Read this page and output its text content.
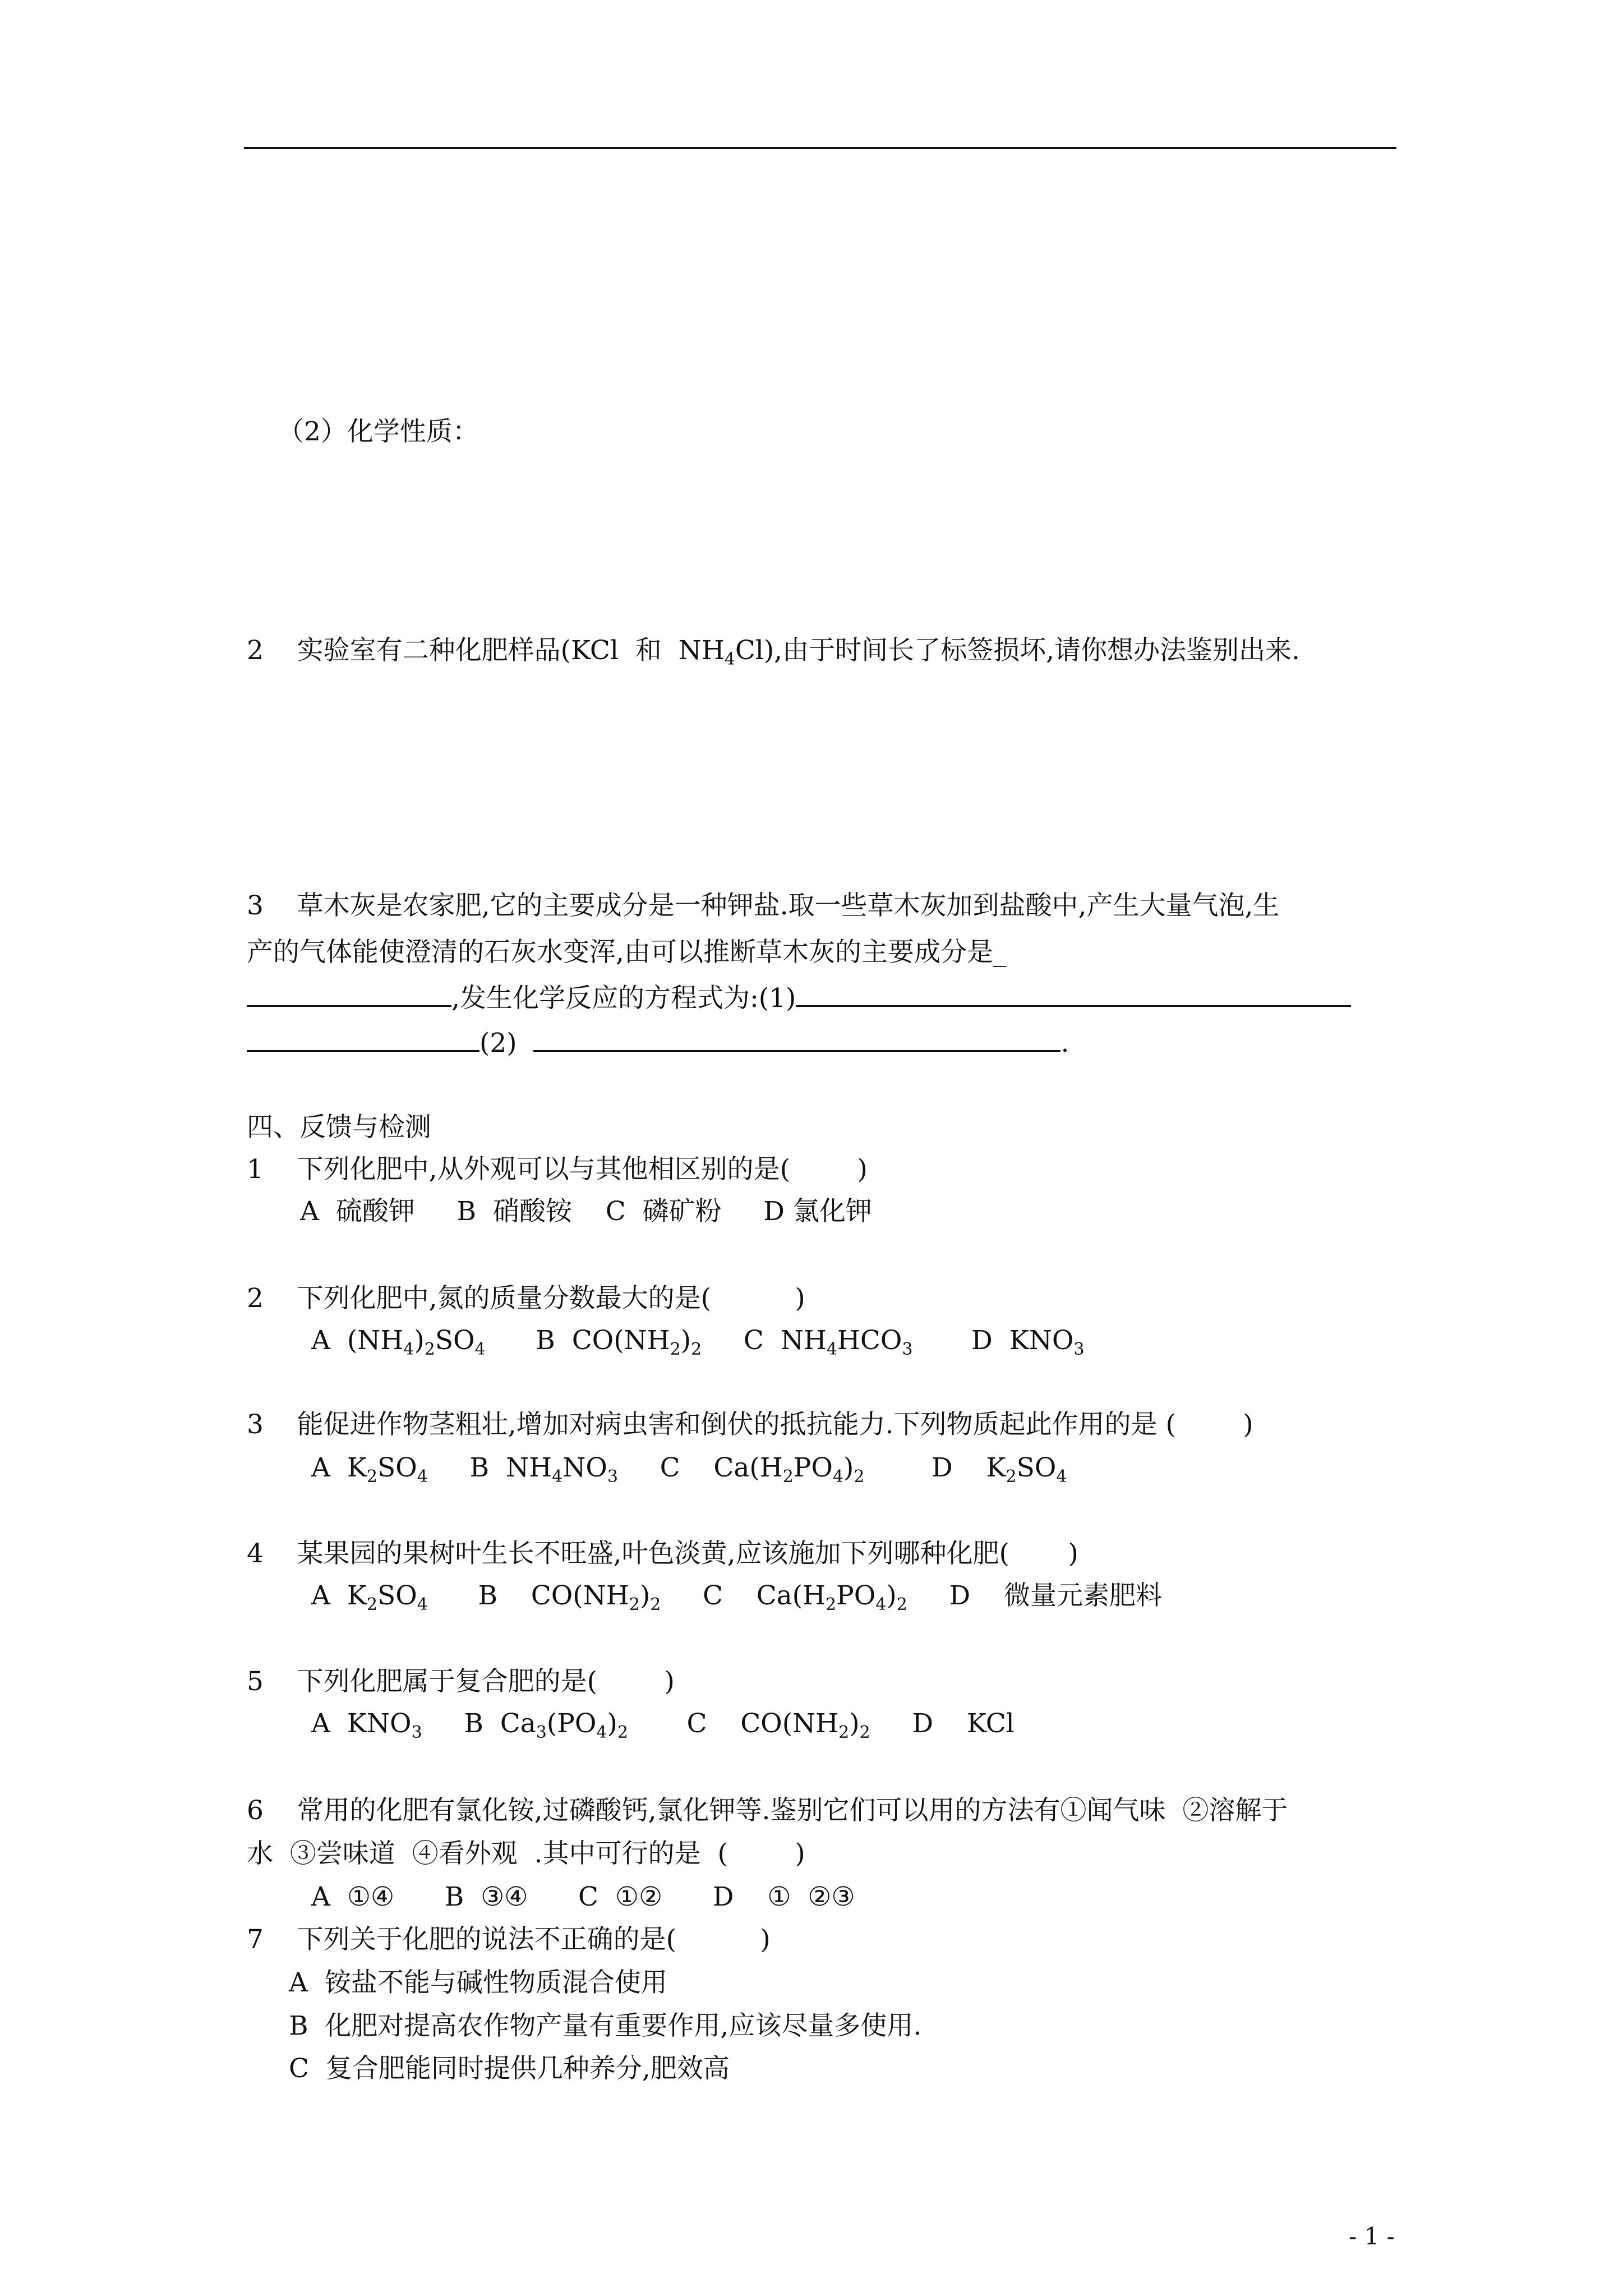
（2）化学性质：
2 实验室有二种化肥样品(KCl  和  $NH_4Cl$),由于时间长了标签损坏,请你想办法鉴别出来.
3 草木灰是农家肥,它的主要成分是一种钾盐.取一些草木灰加到盐酸中,产生大量气泡,生
产的气体能使澄清的石灰水变浑,由可以推断草木灰的主要成分是_
,发生化学反应的方程式为:(1)
(2)	.
四、反馈与检测
1 下列化肥中,从外观可以与其他相区别的是(        )
A  硫酸钾     B  硝酸铵    C  磷矿粉     D 氯化钾
2 下列化肥中,氮的质量分数最大的是(          )
A  $(NH_4)_2SO_4$      B  $CO(NH_2)_2$     C  $NH_4HCO_3$       D  $KNO_3$
3    能促进作物茎粗壮,增加对病虫害和倒伏的抵抗能力.下列物质起此作用的是 (        )
A  $K_2SO_4$     B  $NH_4NO_3$     C    $Ca(H_2PO_4)_2$        D    $K_2SO_4$
4 某果园的果树叶生长不旺盛,叶色淡黄,应该施加下列哪种化肥(       )
A  $K_2SO_4$      B    $CO(NH_2)_2$     C    $Ca(H_2PO_4)_2$     D    微量元素肥料
5 下列化肥属于复合肥的是(        )
A  $KNO_3$     B  $Ca_3(PO_4)_2$       C    $CO(NH_2)_2$     D    KCl
6 常用的化肥有氯化铵,过磷酸钙,氯化钾等.鉴别它们可以用的方法有①闻气味  ②溶解于
水  ③尝味道  ④看外观  .其中可行的是  (        )
A  ①④      B  ③④      C  ①②      D    ①  ②③
7 下列关于化肥的说法不正确的是(          )
A  铵盐不能与碱性物质混合使用
B  化肥对提高农作物产量有重要作用,应该尽量多使用.
C  复合肥能同时提供几种养分,肥效高
- 1 -
